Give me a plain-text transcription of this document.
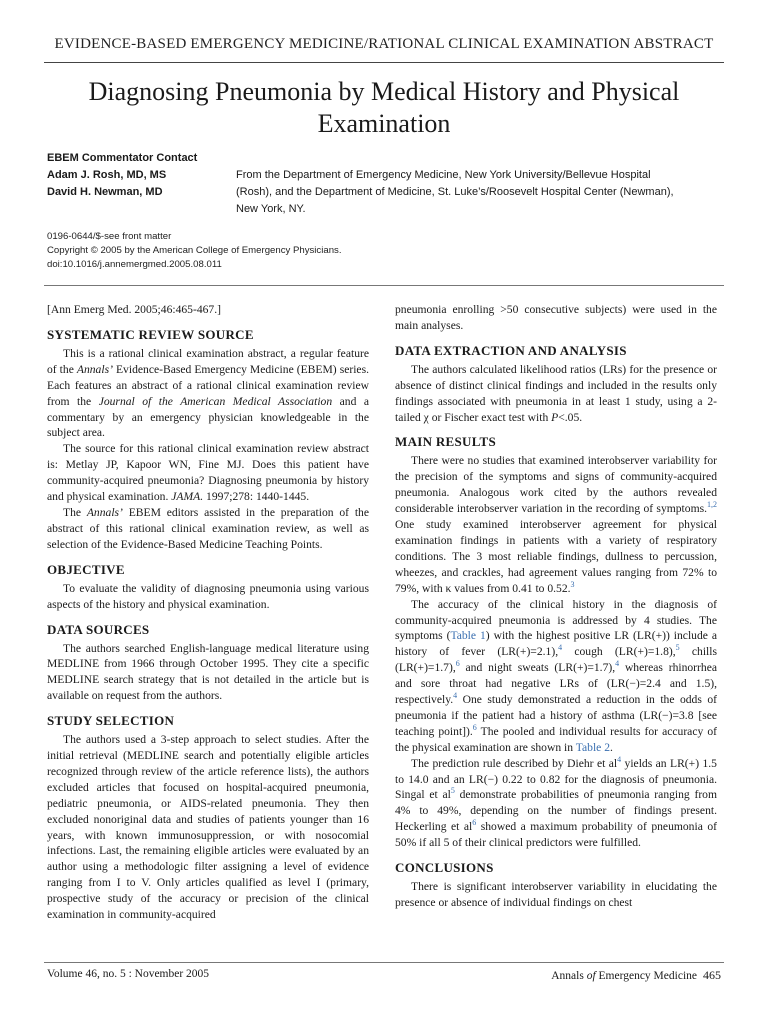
EVIDENCE-BASED EMERGENCY MEDICINE/RATIONAL CLINICAL EXAMINATION ABSTRACT
Diagnosing Pneumonia by Medical History and Physical Examination
EBEM Commentator Contact
Adam J. Rosh, MD, MS
David H. Newman, MD
From the Department of Emergency Medicine, New York University/Bellevue Hospital (Rosh), and the Department of Medicine, St. Luke’s/Roosevelt Hospital Center (Newman), New York, NY.
0196-0644/$-see front matter
Copyright © 2005 by the American College of Emergency Physicians.
doi:10.1016/j.annemergmed.2005.08.011

[Ann Emerg Med. 2005;46:465-467.]

SYSTEMATIC REVIEW SOURCE

This is a rational clinical examination abstract, a regular feature of the Annals’ Evidence-Based Emergency Medicine (EBEM) series. Each features an abstract of a rational clinical examination review from the Journal of the American Medical Association and a commentary by an emergency physician knowledgeable in the subject area.

The source for this rational clinical examination review abstract is: Metlay JP, Kapoor WN, Fine MJ. Does this patient have community-acquired pneumonia? Diagnosing pneumonia by history and physical examination. JAMA. 1997;278: 1440-1445.

The Annals’ EBEM editors assisted in the preparation of the abstract of this rational clinical examination review, as well as selection of the Evidence-Based Medicine Teaching Points.

OBJECTIVE

To evaluate the validity of diagnosing pneumonia using various aspects of the history and physical examination.

DATA SOURCES

The authors searched English-language medical literature using MEDLINE from 1966 through October 1995. They cite a specific MEDLINE search strategy that is not detailed in the article but is available on request from the authors.

STUDY SELECTION

The authors used a 3-step approach to select studies. After the initial retrieval (MEDLINE search and potentially eligible articles recognized through review of the article reference lists), the authors excluded articles that focused on hospital-acquired pneumonia, pediatric pneumonia, or AIDS-related pneumonia. They then excluded nonoriginal data and studies of patients younger than 16 years, with known immunosuppression, or with nosocomial infections. Last, the remaining eligible articles were evaluated by an author using a methodologic filter assigning a level of evidence ranging from I to V. Only articles qualified as level I (primary, prospective study of the accuracy or precision of the clinical examination in community-acquired

pneumonia enrolling >50 consecutive subjects) were used in the main analyses.

DATA EXTRACTION AND ANALYSIS

The authors calculated likelihood ratios (LRs) for the presence or absence of distinct clinical findings and included in the results only findings associated with pneumonia in at least 1 study, using a 2-tailed χ or Fischer exact test with P<.05.

MAIN RESULTS

There were no studies that examined interobserver variability for the precision of the symptoms and signs of community-acquired pneumonia. Analogous work cited by the authors revealed considerable interobserver variation in the recording of symptoms.$^{1,2}$ One study examined interobserver agreement for physical examination findings in patients with a variety of respiratory conditions. The 3 most reliable findings, dullness to percussion, wheezes, and crackles, had agreement values ranging from 72% to 79%, with κ values from 0.41 to 0.52.$^3$

The accuracy of the clinical history in the diagnosis of community-acquired pneumonia is addressed by 4 studies. The symptoms (Table 1) with the highest positive LR (LR(+)) include a history of fever (LR(+)=2.1),$^4$ cough (LR(+)=1.8),$^5$ chills (LR(+)=1.7),$^6$ and night sweats (LR(+)=1.7),$^4$ whereas rhinorrhea and sore throat had negative LRs of (LR(−)=2.4 and 1.5), respectively.$^4$ One study demonstrated a reduction in the odds of pneumonia if the patient had a history of asthma (LR(−)=3.8 [see teaching point]).$^6$ The pooled and individual results for accuracy of the physical examination are shown in Table 2.

The prediction rule described by Diehr et $al^4$ yields an LR(+) 1.5 to 14.0 and an LR(−) 0.22 to 0.82 for the diagnosis of pneumonia. Singal et $al^5$ demonstrate probabilities of pneumonia ranging from 4% to 49%, depending on the number of findings present. Heckerling et $al^6$ showed a maximum probability of pneumonia of 50% if all 5 of their clinical predictors were fulfilled.

CONCLUSIONS

There is significant interobserver variability in elucidating the presence or absence of individual findings on chest

Volume 46, no. 5 : November 2005	Annals of Emergency Medicine 465
